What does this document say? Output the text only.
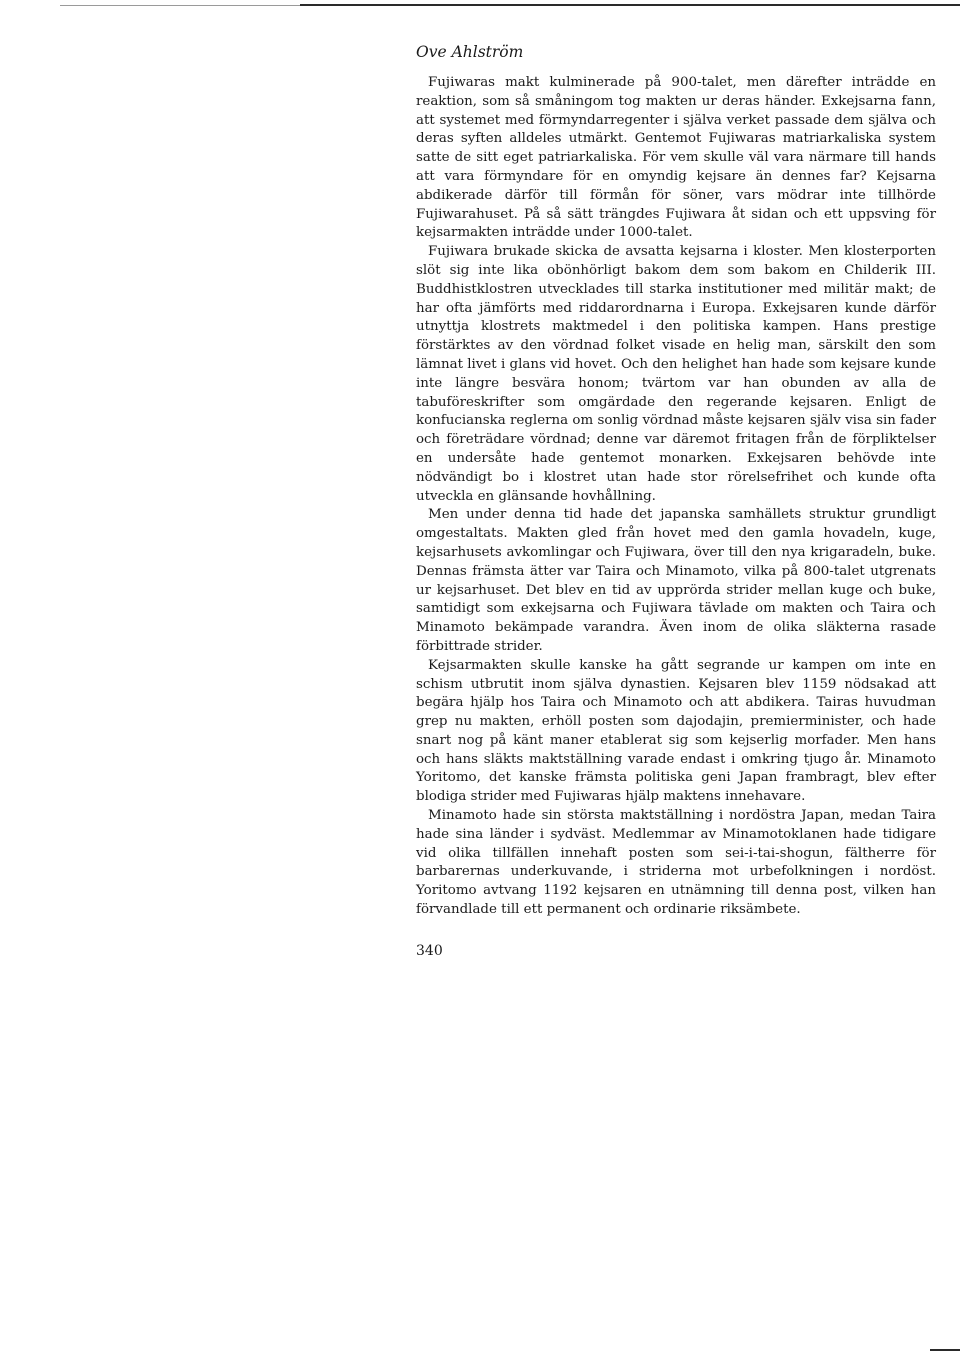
Ove Ahlström

Fujiwaras makt kulminerade på 900-talet, men därefter inträdde en reaktion, som så småningom tog makten ur deras händer. Exkejsarna fann, att systemet med förmyndarregenter i själva verket passade dem själva och deras syften alldeles utmärkt. Gentemot Fujiwaras matriarkaliska system satte de sitt eget patriarkaliska. För vem skulle väl vara närmare till hands att vara förmyndare för en omyndig kejsare än dennes far? Kejsarna abdikerade därför till förmån för söner, vars mödrar inte tillhörde Fujiwarahuset. På så sätt trängdes Fujiwara åt sidan och ett uppsving för kejsarmakten inträdde under 1000-talet.

Fujiwara brukade skicka de avsatta kejsarna i kloster. Men klosterporten slöt sig inte lika obönhörligt bakom dem som bakom en Childerik III. Buddhistklostren utvecklades till starka institutioner med militär makt; de har ofta jämförts med riddarordnarna i Europa. Exkejsaren kunde därför utnyttja klostrets maktmedel i den politiska kampen. Hans prestige förstärktes av den vördnad folket visade en helig man, särskilt den som lämnat livet i glans vid hovet. Och den helighet han hade som kejsare kunde inte längre besvära honom; tvärtom var han obunden av alla de tabuföreskrifter som omgärdade den regerande kejsaren. Enligt de konfucianska reglerna om sonlig vördnad måste kejsaren själv visa sin fader och företrädare vördnad; denne var däremot fritagen från de förpliktelser en undersåte hade gentemot monarken. Exkejsaren behövde inte nödvändigt bo i klostret utan hade stor rörelsefrihet och kunde ofta utveckla en glänsande hovhållning.

Men under denna tid hade det japanska samhällets struktur grundligt omgestaltats. Makten gled från hovet med den gamla hovadeln, kuge, kejsarhusets avkomlingar och Fujiwara, över till den nya krigaradeln, buke. Dennas främsta ätter var Taira och Minamoto, vilka på 800-talet utgrenats ur kejsarhuset. Det blev en tid av upprörda strider mellan kuge och buke, samtidigt som exkejsarna och Fujiwara tävlade om makten och Taira och Minamoto bekämpade varandra. Även inom de olika släkterna rasade förbittrade strider.

Kejsarmakten skulle kanske ha gått segrande ur kampen om inte en schism utbrutit inom själva dynastien. Kejsaren blev 1159 nödsakad att begära hjälp hos Taira och Minamoto och att abdikera. Tairas huvudman grep nu makten, erhöll posten som dajodajin, premierminister, och hade snart nog på känt maner etablerat sig som kejserlig morfader. Men hans och hans släkts maktställning varade endast i omkring tjugo år. Minamoto Yoritomo, det kanske främsta politiska geni Japan frambragt, blev efter blodiga strider med Fujiwaras hjälp maktens innehavare.

Minamoto hade sin största maktställning i nordöstra Japan, medan Taira hade sina länder i sydväst. Medlemmar av Minamotoklanen hade tidigare vid olika tillfällen innehaft posten som sei-i-tai-shogun, fältherre för barbarernas underkuvande, i striderna mot urbefolkningen i nordöst. Yoritomo avtvang 1192 kejsaren en utnämning till denna post, vilken han förvandlade till ett permanent och ordinarie riksämbete.

340
